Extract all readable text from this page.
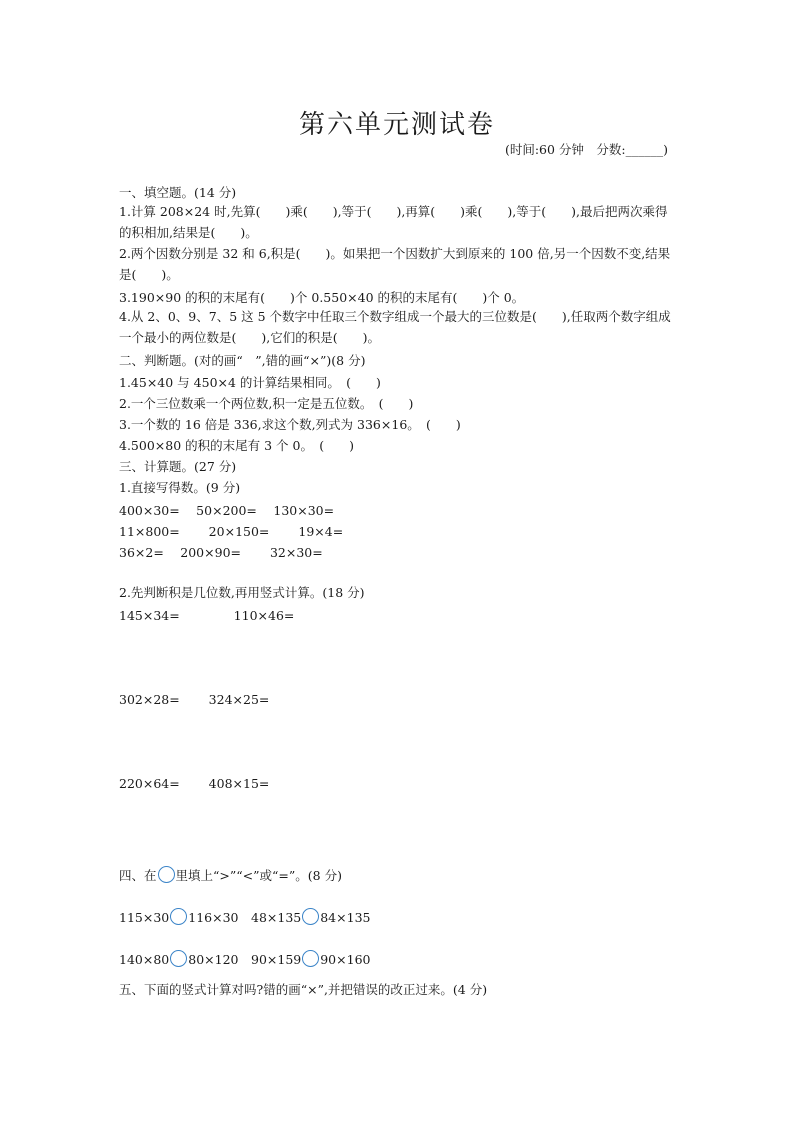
第六单元测试卷
(时间:60 分钟　分数:______)
一、填空题。(14 分)
1.计算 208×24 时,先算(　　)乘(　　),等于(　　),再算(　　)乘(　　),等于(　　),最后把两次乘得的积相加,结果是(　　)。
2.两个因数分别是 32 和 6,积是(　　)。如果把一个因数扩大到原来的 100 倍,另一个因数不变,结果是(　　)。
3.190×90 的积的末尾有(　　)个 0.550×40 的积的末尾有(　　)个 0。
4.从 2、0、9、7、5 这 5 个数字中任取三个数字组成一个最大的三位数是(　　),任取两个数字组成一个最小的两位数是(　　),它们的积是(　　)。
二、判断题。(对的画“　”,错的画“×”)(8 分)
1.45×40 与 450×4 的计算结果相同。　(　　)
2.一个三位数乘一个两位数,积一定是五位数。　(　　)
3.一个数的 16 倍是 336,求这个数,列式为 336×16。　(　　)
4.500×80 的积的末尾有 3 个 0。　(　　)
三、计算题。(27 分)
1.直接写得数。(9 分)
400×30=　 50×200=　 130×30=
11×800=　　 20×150=　　 19×4=
36×2=　 200×90=　　 32×30=
2.先判断积是几位数,再用竖式计算。(18 分)
145×34=　　　　 110×46=
302×28=　　 324×25=
220×64=　　 408×15=
四、在 里填上“>”“<”或“=”。(8 分)
115×30 116×30　48×135 84×135
140×80 80×120　90×159 90×160
五、下面的竖式计算对吗?错的画“×”,并把错误的改正过来。(4 分)
